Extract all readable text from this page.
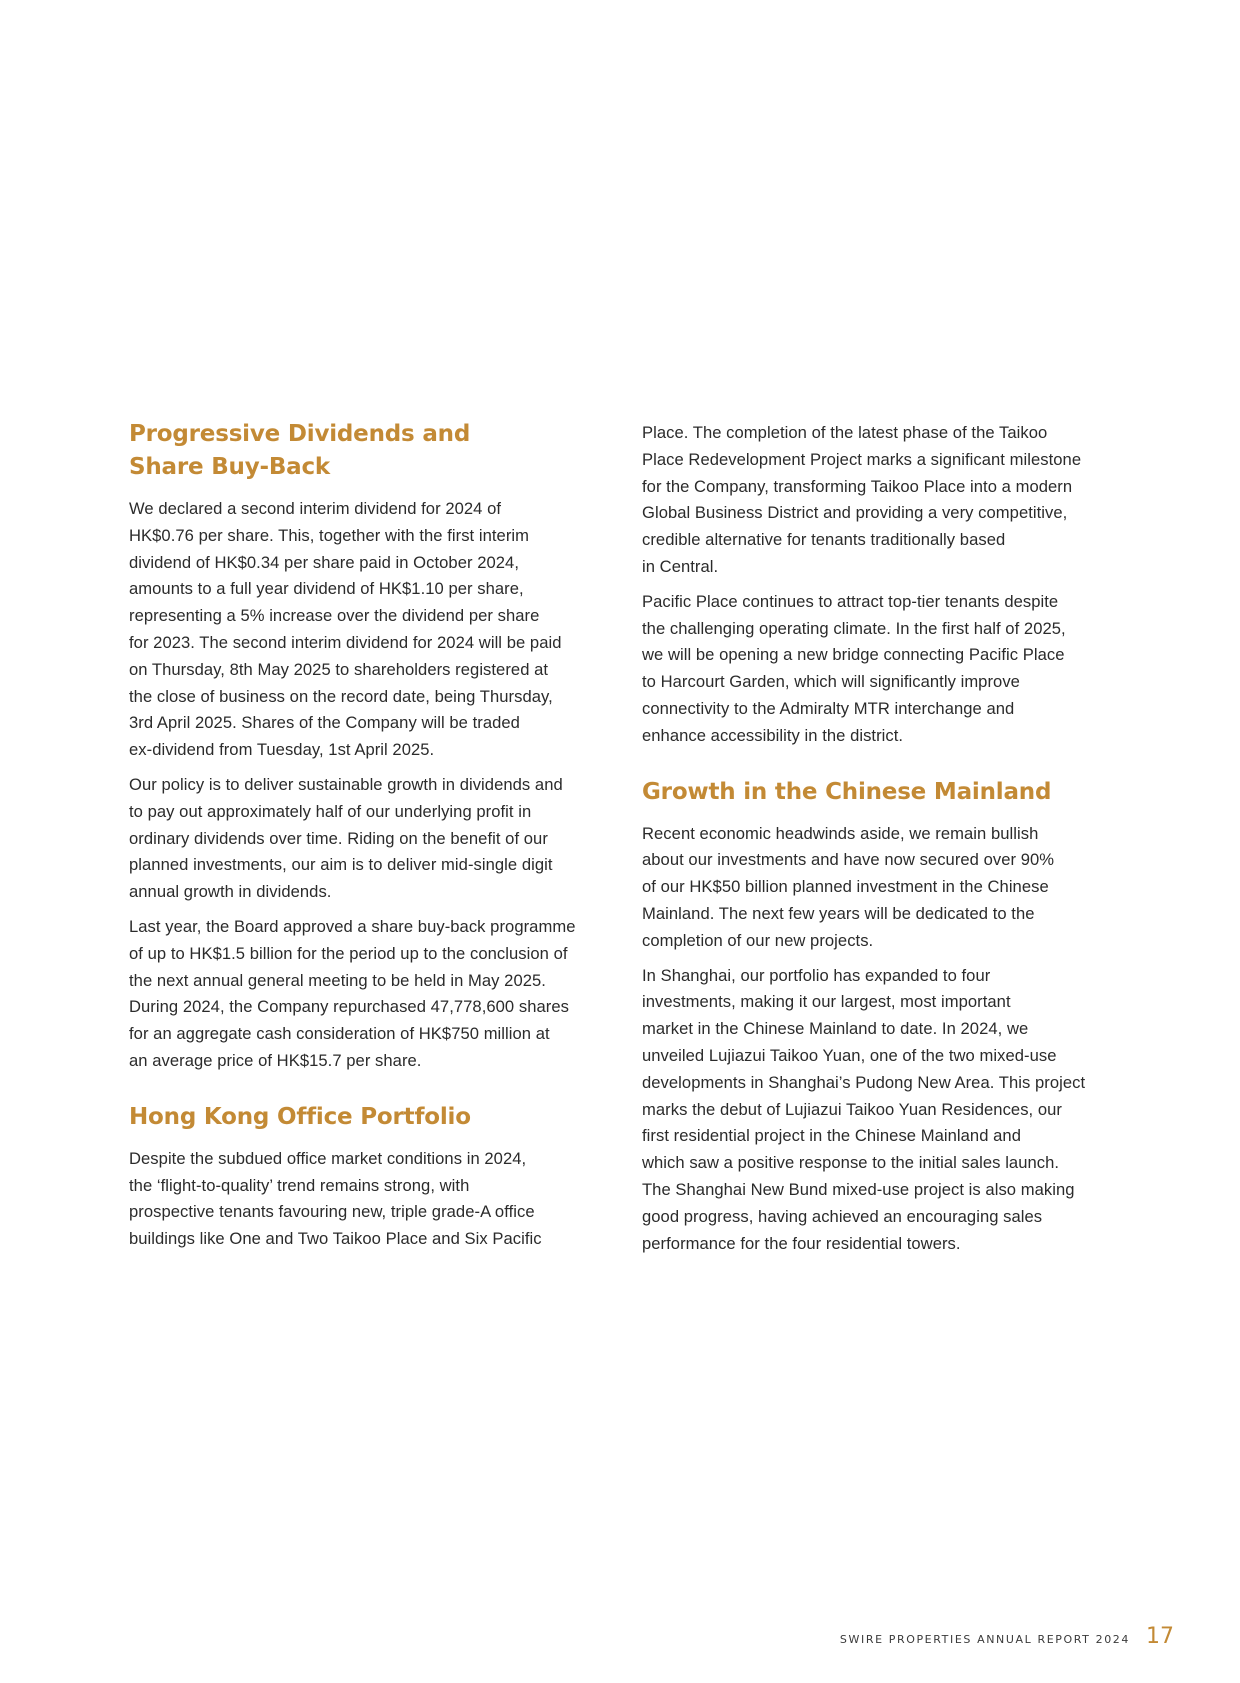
Progressive Dividends and
Share Buy-Back

We declared a second interim dividend for 2024 of
HK$0.76 per share. This, together with the first interim
dividend of HK$0.34 per share paid in October 2024,
amounts to a full year dividend of HK$1.10 per share,
representing a 5% increase over the dividend per share
for 2023. The second interim dividend for 2024 will be paid
on Thursday, 8th May 2025 to shareholders registered at
the close of business on the record date, being Thursday,
3rd April 2025. Shares of the Company will be traded
ex-dividend from Tuesday, 1st April 2025.

Our policy is to deliver sustainable growth in dividends and
to pay out approximately half of our underlying profit in
ordinary dividends over time. Riding on the benefit of our
planned investments, our aim is to deliver mid-single digit
annual growth in dividends.

Last year, the Board approved a share buy-back programme
of up to HK$1.5 billion for the period up to the conclusion of
the next annual general meeting to be held in May 2025.
During 2024, the Company repurchased 47,778,600 shares
for an aggregate cash consideration of HK$750 million at
an average price of HK$15.7 per share.

Hong Kong Office Portfolio

Despite the subdued office market conditions in 2024,
the ‘flight-to-quality’ trend remains strong, with
prospective tenants favouring new, triple grade-A office
buildings like One and Two Taikoo Place and Six Pacific

Place. The completion of the latest phase of the Taikoo
Place Redevelopment Project marks a significant milestone
for the Company, transforming Taikoo Place into a modern
Global Business District and providing a very competitive,
credible alternative for tenants traditionally based
in Central.

Pacific Place continues to attract top-tier tenants despite
the challenging operating climate. In the first half of 2025,
we will be opening a new bridge connecting Pacific Place
to Harcourt Garden, which will significantly improve
connectivity to the Admiralty MTR interchange and
enhance accessibility in the district.

Growth in the Chinese Mainland

Recent economic headwinds aside, we remain bullish
about our investments and have now secured over 90%
of our HK$50 billion planned investment in the Chinese
Mainland. The next few years will be dedicated to the
completion of our new projects.

In Shanghai, our portfolio has expanded to four
investments, making it our largest, most important
market in the Chinese Mainland to date. In 2024, we
unveiled Lujiazui Taikoo Yuan, one of the two mixed-use
developments in Shanghai’s Pudong New Area. This project
marks the debut of Lujiazui Taikoo Yuan Residences, our
first residential project in the Chinese Mainland and
which saw a positive response to the initial sales launch.
The Shanghai New Bund mixed-use project is also making
good progress, having achieved an encouraging sales
performance for the four residential towers.

SWIRE PROPERTIES ANNUAL REPORT 2024 17
